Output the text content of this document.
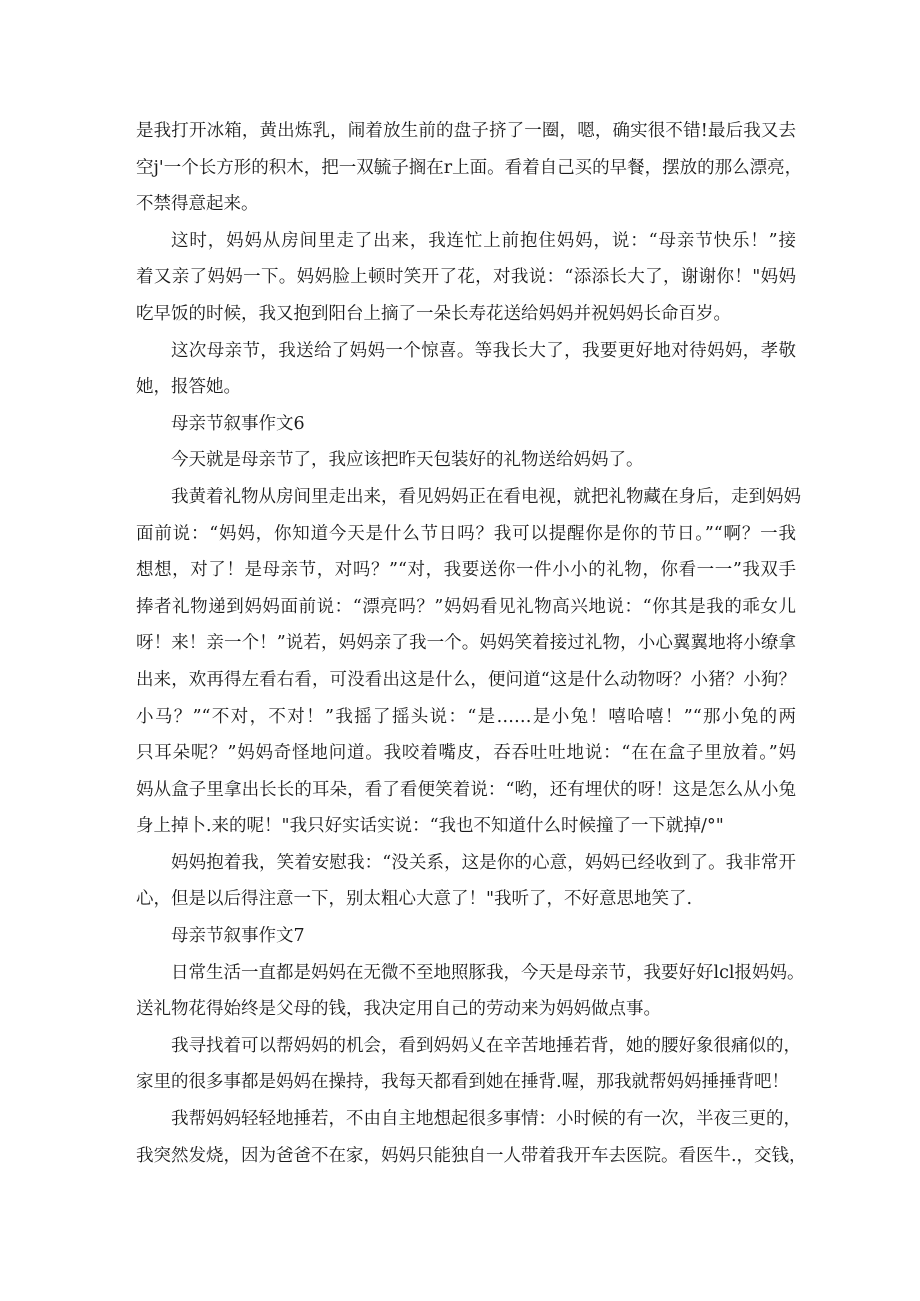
是我打开冰箱，黄出炼乳，闹着放生前的盘子挤了一圈，嗯，确实很不错!最后我又去
空j'一个长方形的积木，把一双毓子搁在r上面。看着自己买的早餐，摆放的那么漂亮，
不禁得意起来。
这时，妈妈从房间里走了出来，我连忙上前抱住妈妈，说：“母亲节快乐！”接
着又亲了妈妈一下。妈妈脸上顿时笑开了花，对我说：“添添长大了，谢谢你！"妈妈
吃早饭的时候，我又抱到阳台上摘了一朵长寿花送给妈妈并祝妈妈长命百岁。
这次母亲节，我送给了妈妈一个惊喜。等我长大了，我要更好地对待妈妈，孝敬
她，报答她。

母亲节叙事作文6

今天就是母亲节了，我应该把昨天包装好的礼物送给妈妈了。
我黄着礼物从房间里走出来，看见妈妈正在看电视，就把礼物藏在身后，走到妈妈
面前说：“妈妈，你知道今天是什么节日吗？我可以提醒你是你的节日。”“啊？一我
想想，对了！是母亲节，对吗？”“对，我要送你一件小小的礼物，你看一一”我双手
捧者礼物递到妈妈面前说：“漂亮吗？”妈妈看见礼物高兴地说：“你其是我的乖女儿
呀！来！亲一个！”说若，妈妈亲了我一个。妈妈笑着接过礼物，小心翼翼地将小缭拿
出来，欢再得左看右看，可没看出这是什么，便问道“这是什么动物呀？小猪？小狗？
小马？”“不对，不对！”我摇了摇头说：“是……是小兔！嘻哈嘻！”“那小兔的两
只耳朵呢？”妈妈奇怪地问道。我咬着嘴皮，吞吞吐吐地说：“在在盒子里放着。”妈
妈从盒子里拿出长长的耳朵，看了看便笑着说：“哟，还有埋伏的呀！这是怎么从小兔
身上掉卜.来的呢！"我只好实话实说：“我也不知道什么时候撞了一下就掉/°"
妈妈抱着我，笑着安慰我：“没关系，这是你的心意，妈妈已经收到了。我非常开
心，但是以后得注意一下，别太粗心大意了！"我听了，不好意思地笑了.

母亲节叙事作文7

日常生活一直都是妈妈在无微不至地照豚我，今天是母亲节，我要好好lcl报妈妈。
送礼物花得始终是父母的钱，我决定用自己的劳动来为妈妈做点事。
我寻找着可以帮妈妈的机会，看到妈妈乂在辛苦地捶若背，她的腰好象很痛似的，
家里的很多事都是妈妈在操持，我每天都看到她在捶背.喔，那我就帮妈妈捶捶背吧！
我帮妈妈轻轻地捶若，不由自主地想起很多事情：小时候的有一次，半夜三更的，
我突然发烧，因为爸爸不在家，妈妈只能独自一人带着我开车去医院。看医牛.，交钱，
